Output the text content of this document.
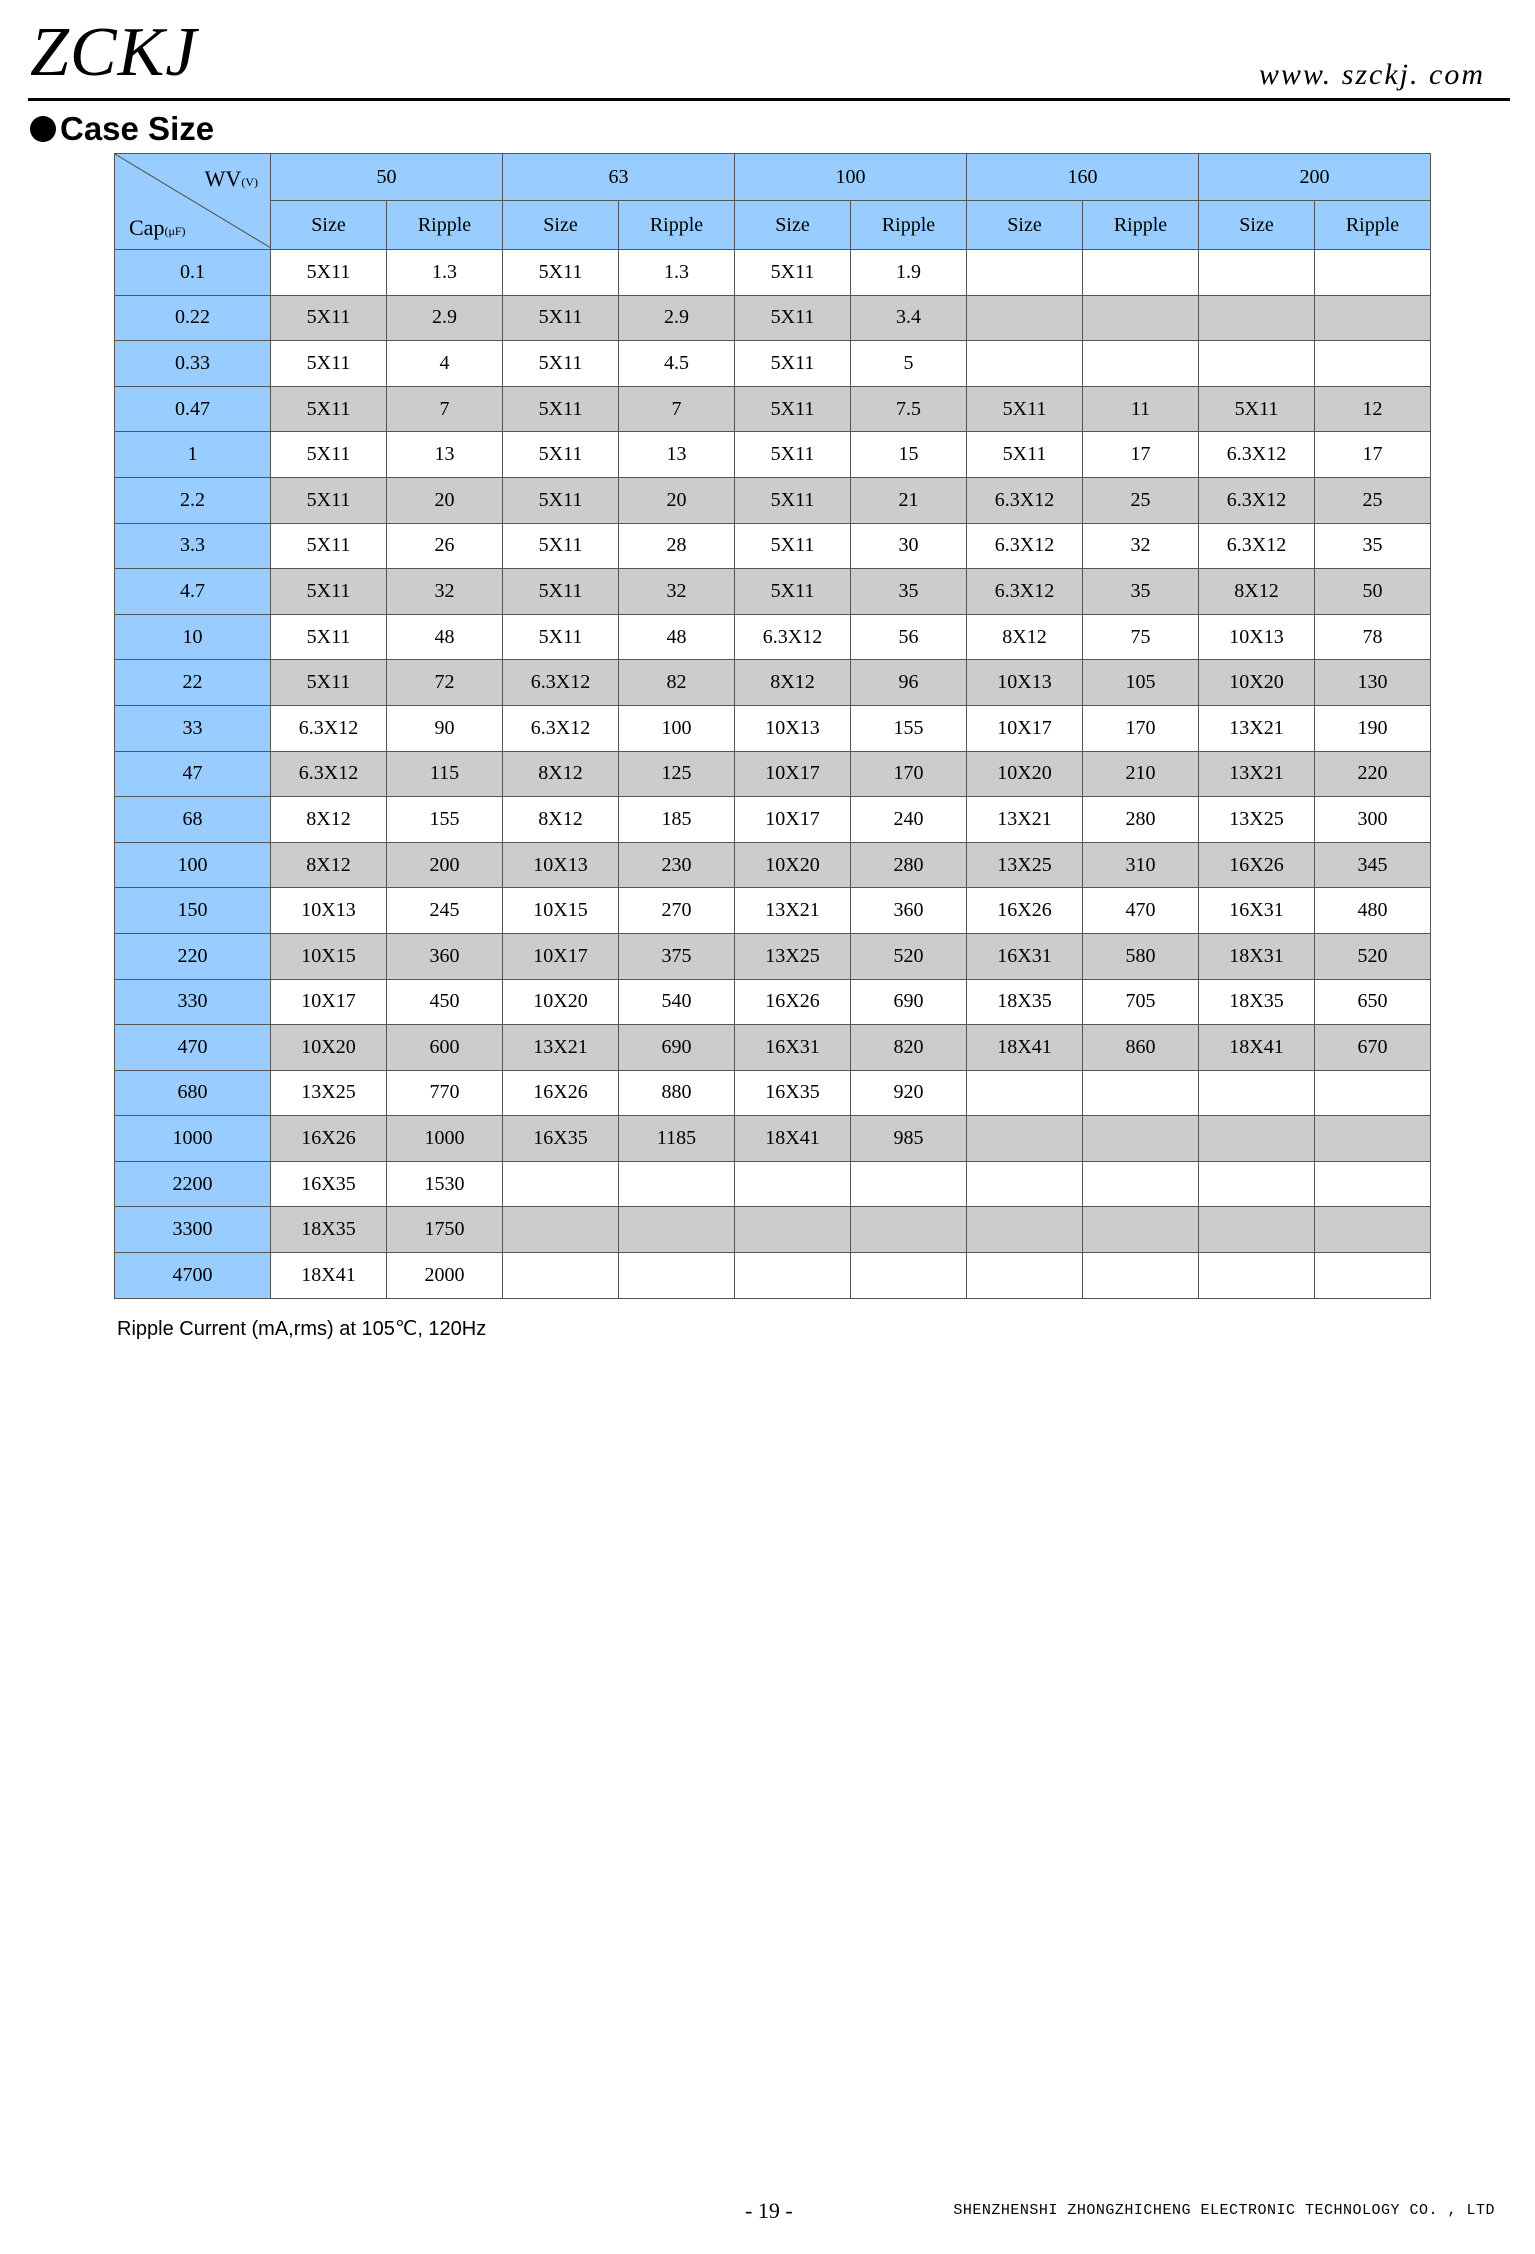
ZCKJ	www. szckj. com
Case Size
WV(V)
Cap(μF)	50		63		100		160		200	
	Size	Ripple	Size	Ripple	Size	Ripple	Size	Ripple	Size	Ripple
0.1	5X11	1.3	5X11	1.3	5X11	1.9				
0.22	5X11	2.9	5X11	2.9	5X11	3.4				
0.33	5X11	4	5X11	4.5	5X11	5				
0.47	5X11	7	5X11	7	5X11	7.5	5X11	11	5X11	12
1	5X11	13	5X11	13	5X11	15	5X11	17	6.3X12	17
2.2	5X11	20	5X11	20	5X11	21	6.3X12	25	6.3X12	25
3.3	5X11	26	5X11	28	5X11	30	6.3X12	32	6.3X12	35
4.7	5X11	32	5X11	32	5X11	35	6.3X12	35	8X12	50
10	5X11	48	5X11	48	6.3X12	56	8X12	75	10X13	78
22	5X11	72	6.3X12	82	8X12	96	10X13	105	10X20	130
33	6.3X12	90	6.3X12	100	10X13	155	10X17	170	13X21	190
47	6.3X12	115	8X12	125	10X17	170	10X20	210	13X21	220
68	8X12	155	8X12	185	10X17	240	13X21	280	13X25	300
100	8X12	200	10X13	230	10X20	280	13X25	310	16X26	345
150	10X13	245	10X15	270	13X21	360	16X26	470	16X31	480
220	10X15	360	10X17	375	13X25	520	16X31	580	18X31	520
330	10X17	450	10X20	540	16X26	690	18X35	705	18X35	650
470	10X20	600	13X21	690	16X31	820	18X41	860	18X41	670
680	13X25	770	16X26	880	16X35	920				
1000	16X26	1000	16X35	1185	18X41	985				
2200	16X35	1530								
3300	18X35	1750								
4700	18X41	2000								
Ripple Current (mA,rms) at 105℃, 120Hz
- 19 -	SHENZHENSHI ZHONGZHICHENG ELECTRONIC TECHNOLOGY CO. , LTD
